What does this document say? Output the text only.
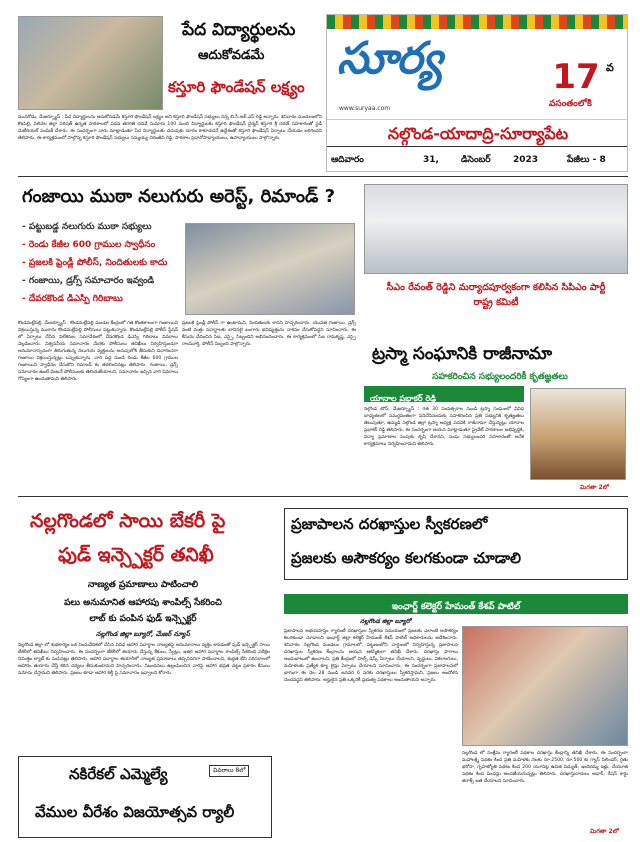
పేద విద్యార్థులను
ఆదుకోవడమే
కస్తూరి ఫౌండేషన్ లక్ష్యం
మునగోడు, మేజర్న్యూస్ : పేద విద్యార్థులను ఆదుకోవడమే కస్తూరి ఫౌండేషన్ లక్ష్యం అని కస్తూరి ఫౌండేషన్ సభ్యులు నిన్న బి.సీ.ఆర్.ఎస్ రెడ్డి అన్నారు. శనివారం మండలంలోని కొంపెల్లి, పలివెల జిల్లా పరిషత్ ఉన్నత పాఠశాలలో పదవ తరగతి చదివే సుమారు 100 మంది విద్యార్థులకు కస్తూరి ఫౌండేషన్ చైర్మన్ కస్తూరి శ్రీ చరణ్ సహకారంతో స్టడీ మెటీరియల్ పంపిణీ చేశారు. ఈ సందర్భంగా వారు మాట్లాడుతూ పేద విద్యార్థులకు చదువుకు దూరం కాకూడదనే ఉద్దేశంతో కస్తూరి ఫౌండేషన్ ఏర్పాటు చేయడం జరిగిందని తెలిపారు. ఈ కార్యక్రమంలో పాల్గొన్న కస్తూరి ఫౌండేషన్ సభ్యులు సమ్మయ్య చిరంజీవి రెడ్డి, పాఠశాల ప్రధానోపాధ్యాయులు, ఉపాధ్యాయులు పాల్గొన్నారు.
సూర్య
www.suryaa.com
17 వ
వసంతంలోకి
నల్గొండ-యాదాద్రి-సూర్యాపేట
ఆదివారం	31, డిసెంబర్ 2023	పేజీలు - 8
గంజాయి ముఠా నలుగురు అరెస్ట్, రిమాండ్ ?
- పట్టుబడ్డ నలుగురు ముఠా సభ్యులు
- రెండు కేజీల 600 గ్రాముల స్వాధీనం
- ప్రజలకి ఫ్రెండ్లీ పోలీస్, నిందితులకు కాదు
- గంజాయి, డ్రగ్స్ సమాచారం ఇవ్వండి
- దేవరకొండ డిఎస్పి గిరిబాబు
కొండమల్లేపల్లి, మేజర్న్యూస్ : కొండమల్లేపల్లి మండల కేంద్రంలో గత కొంతకాలంగా గంజాయిని విక్రయిస్తున్న ముఠాను కొండమల్లేపల్లి పోలీసులు పట్టుకున్నారు. కొండమల్లేపల్లి పోలీస్ స్టేషన్ లో ఏర్పాటు చేసిన విలేకరుల సమావేశంలో దేవరకొండ డిఎస్పి గిరిబాబు వివరాలు వెల్లడించారు. విశ్వసనీయ సమాచారం మేరకు పోలీసులు తనిఖీలు నిర్వహిస్తుండగా అనుమానాస్పదంగా తిరుగుతున్న నలుగురు వ్యక్తులను అదుపులోకి తీసుకుని విచారించగా గంజాయి విక్రయిస్తున్నట్లు ఒప్పుకున్నారు. వారి వద్ద నుండి రెండు కేజీల 600 గ్రాముల గంజాయిని స్వాధీనం చేసుకొని రిమాండ్ కు తరలించినట్లు తెలిపారు. గంజాయి, డ్రగ్స్ సమాచారం ఉంటే వెంటనే పోలీసులకు తెలియజేయాలని, సమాచారం ఇచ్చిన వారి వివరాలు గోప్యంగా ఉంచుతామని తెలిపారు.
ప్రజలకి ఫ్రెండ్లీ పోలీస్ గా ఉంటామని, నిందితులకు కాదని హెచ్చరించారు. యువత గంజాయి, డ్రగ్స్ వంటి మత్తు పదార్థాలకు బానిసలై బంగారు భవిష్యత్తును నాశనం చేసుకోవద్దని సూచించారు. ఈ కేసును ఛేదించిన సిఐ, ఎస్సై, సిబ్బందిని అభినందించారు. ఈ కార్యక్రమంలో సిఐ రామకృష్ణ, ఎస్సై రాంమూర్తి, పోలీస్ సిబ్బంది పాల్గొన్నారు.
సీఎం రేవంత్ రెడ్డిని మర్యాదపూర్వకంగా కలిసిన సిపిఎం పార్టీ రాష్ట్ర కమిటీ
ట్రస్మా సంఘానికి రాజీనామా
సహకరించిన సభ్యులందరికీ కృతజ్ఞతలు
యానాల ప్రభాకర్ రెడ్డి
నల్గొండ టౌన్, మేజర్న్యూస్ : గత 30 సంవత్సరాల నుండి ట్రస్మా సంఘంలో వివిధ బాధ్యతలలో సమర్థవంతంగా పనిచేసినందుకు సహకరించిన ప్రతి సభ్యునికి కృతజ్ఞతలు తెలుపుతూ, ఉమ్మడి నల్గొండ జిల్లా ట్రస్మా అధ్యక్ష పదవికి రాజీనామా చేస్తున్నట్లు యానాల ప్రభాకర్ రెడ్డి తెలిపారు. ఈ సందర్భంగా ఆయన మాట్లాడుతూ ప్రైవేట్ పాఠశాలల అభివృద్ధికి, విద్యా ప్రమాణాల పెంపుకు కృషి చేశానని, సంఘ సభ్యులందరి సహకారంతో అనేక కార్యక్రమాలు నిర్వహించామని తెలిపారు.
మిగతా 2లో
నల్లగొండలో సాయి బేకరీ పై
ఫుడ్ ఇన్స్పెక్టర్ తనిఖీ
నాణ్యత ప్రమాణాలు పాటించాలి
పలు అనుమానిత ఆహారపు శాంపిల్స్ సేకరించి
లాబ్ కు పంపిన ఫుడ్ ఇన్స్పెక్టర్
నల్లగొండ జిల్లా బ్యూరో, మేజర్ న్యూస్
నల్లగొండ జిల్లా లో శుభకార్యం ఒక విందువేదికలో చేసిన వివిధ ఆహార పదార్థాల నాణ్యతపై అనుమానాలు వ్యక్తం కావడంతో ఫుడ్ ఇన్స్పెక్టర్ సాయి బేకరీలో తనిఖీలు నిర్వహించారు. ఈ సందర్భంగా బేకరీలో తయారు చేస్తున్న కేకులు, స్వీట్లు, ఇతర ఆహార పదార్థాల శాంపిల్స్ సేకరించి పరీక్షల నిమిత్తం ల్యాబ్ కు పంపినట్లు తెలిపారు. ఆహార పదార్థాల తయారీలో నాణ్యత ప్రమాణాలు తప్పనిసరిగా పాటించాలని, శుభ్రత లేని పరిసరాలలో ఆహారం తయారు చేస్తే కఠిన చర్యలు తీసుకుంటామని హెచ్చరించారు. నిబంధనలు ఉల్లంఘించిన వారిపై ఆహార భద్రత చట్టం ప్రకారం కేసులు నమోదు చేస్తామని తెలిపారు. ప్రజలు కూడా ఆహార కల్తీ పై సమాచారం ఇవ్వాలని కోరారు.
ప్రజాపాలన దరఖాస్తుల స్వీకరణలో
ప్రజలకు అసౌకర్యం కలగకుండా చూడాలి
ఇంఛార్జ్ కలెక్టర్ హేమంత్ కేశవ్ పాటిల్
నల్లగొండ జిల్లా బ్యూరో
ప్రజాపాలన అభయహస్తం గ్యారెంటీ దరఖాస్తుల స్వీకరణ సమయంలో ప్రజలకు ఎలాంటి అసౌకర్యం కలగకుండా చూడాలని ఇంఛార్జ్ జిల్లా కలెక్టర్ హేమంత్ కేశవ్ పాటిల్ అధికారులను ఆదేశించారు. శనివారం నల్లగొండ మండలం గ్రామాలలో, పట్టణంలోని వార్డులలో నిర్వహిస్తున్న ప్రజాపాలన దరఖాస్తుల స్వీకరణ కేంద్రాలను ఆయన ఆకస్మికంగా తనిఖీ చేశారు. దరఖాస్తు ఫారాలు అందుబాటులో ఉంచాలని, ప్రతి కేంద్రంలో హెల్ప్ డెస్క్ ఏర్పాటు చేయాలని, వృద్ధులు, వికలాంగులు, మహిళలకు ప్రత్యేక క్యూ లైన్లు ఏర్పాటు చేయాలని సూచించారు. ఈ సందర్భంగా ప్రజాపాలనలో భాగంగా ఈ నెల 28 నుండి జనవరి 6 వరకు దరఖాస్తులు స్వీకరిస్తామని, ప్రజలు ఆందోళన చెందవద్దని తెలిపారు. అర్హులైన ప్రతి ఒక్కరికీ ప్రభుత్వ పథకాలు అందుతాయని అన్నారు.
నల్లగొండ లో సంక్షేమ గ్యారంటీ పథకాల దరఖాస్తు కేంద్రాన్ని తనిఖీ చేశారు. ఈ సందర్భంగా మహాలక్ష్మి పథకం కింద ప్రతి మహిళకు నెలకు రూ.2500, రూ.500 కు గ్యాస్ సిలిండర్, రైతు భరోసా, గృహజ్యోతి పథకం కింద 200 యూనిట్ల ఉచిత విద్యుత్, ఇందిరమ్మ ఇళ్లు, చేయూత పథకం కింద పింఛన్లు అందజేయనున్నట్లు తెలిపారు. దరఖాస్తుదారులు ఆధార్, రేషన్ కార్డు జిరాక్స్ జత చేయాలని సూచించారు.
మిగతా 2లో
నకిరేకల్ ఎమ్మెల్యే	వివరాలు 8లో
వేముల వీరేశం విజయోత్సవ ర్యాలీ
